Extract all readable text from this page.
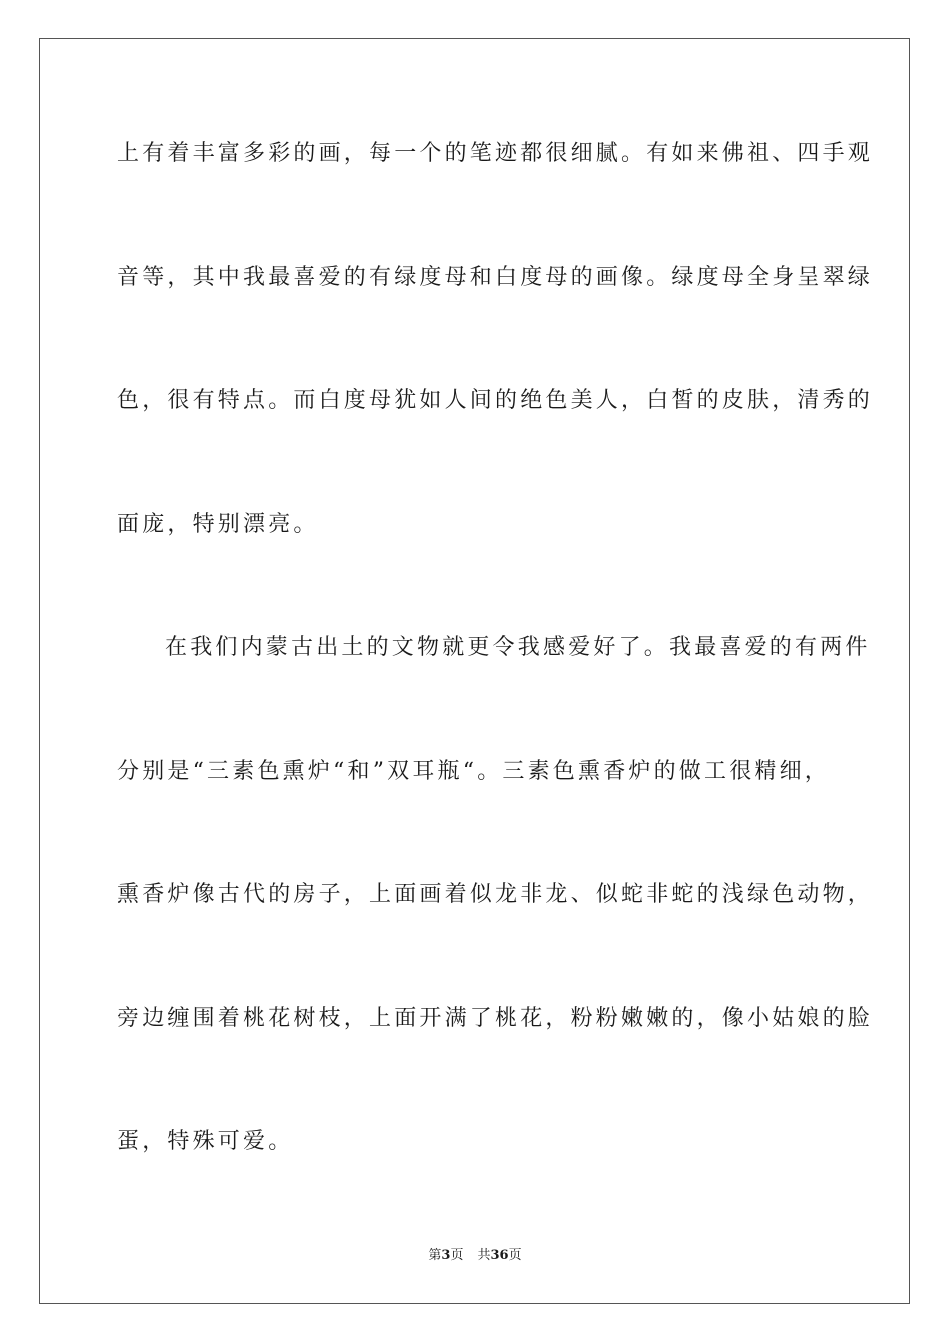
上有着丰富多彩的画，每一个的笔迹都很细腻。有如来佛祖、四手观
音等，其中我最喜爱的有绿度母和白度母的画像。绿度母全身呈翠绿
色，很有特点。而白度母犹如人间的绝色美人，白皙的皮肤，清秀的
面庞，特别漂亮。
在我们内蒙古出土的文物就更令我感爱好了。我最喜爱的有两件
分别是“三素色熏炉“和”双耳瓶“。三素色熏香炉的做工很精细，
熏香炉像古代的房子，上面画着似龙非龙、似蛇非蛇的浅绿色动物，
旁边缠围着桃花树枝，上面开满了桃花，粉粉嫩嫩的，像小姑娘的脸
蛋，特殊可爱。
第3页 共36页
